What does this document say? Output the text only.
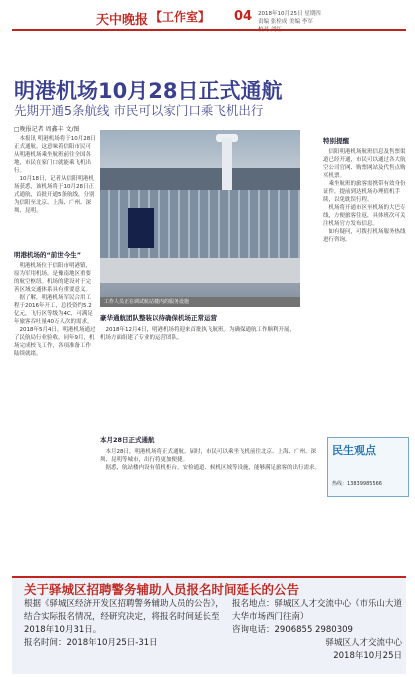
天中晚报 【工作室】 04 2018年10月25日 星期四
责编 张栓成 美编 李军
明港机场10月28日正式通航
先期开通5条航线 市民可以家门口乘飞机出行
□晚报记者 周鑫丰 文/图

本报讯 明港机场将于10月28日正式通航。这意味着信阳市民可从明港机场乘坐航班前往全国各地，市民在家门口就能乘飞机出行。

10月18日，记者从信阳明港机场获悉，该机场将于10月28日正式通航，首批开通5条航线，分别为信阳至北京、上海、广州、深圳、昆明。

明港机场的“前世今生”

明港机场位于信阳市明港镇，原为军用机场，是豫南地区重要的航空枢纽。机场的建设对于完善区域交通体系具有重要意义。

据了解，明港机场军民合用工程于2016年开工，总投资约5.2亿元，飞行区等级为4C，可满足年旅客吞吐量40万人次的需求。

2018年5月4日，明港机场通过了民航局行业验收。同年9月，机场完成校飞工作，各项准备工作陆续就绪。

工作人员正在调试航站楼内的服务设施
豪华通航团队整装以待确保机场正常运营

2018年12月4日，明港机场将迎来首批执飞航班。为确保通航工作顺利开展，机场方面组建了专业的运营团队。

本月28日正式通航

本月28日，明港机场将正式通航。届时，市民可以乘坐飞机前往北京、上海、广州、深圳、昆明等城市，出行将更加便捷。

据悉，航站楼内设有值机柜台、安检通道、候机区域等设施，能够满足旅客的出行需求。

特别提醒

信阳明港机场航班信息及售票渠道已经开通，市民可以通过各大航空公司官网、购票网站及代售点购买机票。

乘坐航班的旅客需携带有效身份证件，提前到达机场办理值机手续，以免耽误行程。

机场将开通市区至机场的大巴专线，方便旅客往返，具体班次可关注机场官方发布信息。

如有疑问，可拨打机场服务热线进行咨询。

民生观点
热线：13839985566
关于驿城区招聘警务辅助人员报名时间延长的公告
根据《驿城区经济开发区招聘警务辅助人员的公告》，结合实际报名情况，经研究决定，将报名时间延长至2018年10月31日。
报名时间：2018年10月25日-31日
报名地点：驿城区人才交流中心（市乐山大道大华市场西门往南）
咨询电话：2906855 2980309
驿城区人才交流中心
2018年10月25日
